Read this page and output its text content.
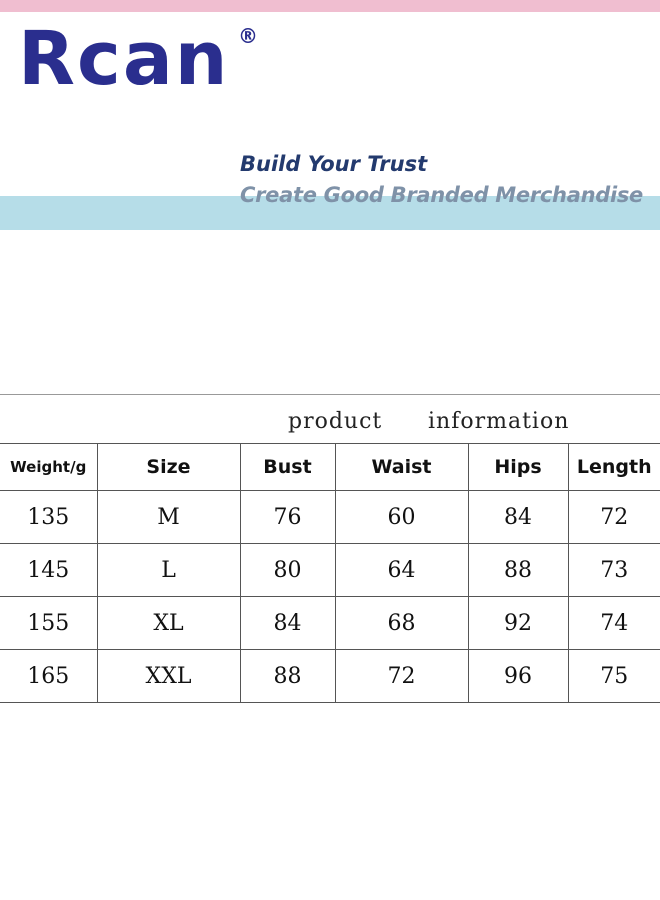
Rcan ®
Build Your Trust
Create Good Branded Merchandise
product information
Weight/g	Size	Bust	Waist	Hips	Length
135	M	76	60	84	72
145	L	80	64	88	73
155	XL	84	68	92	74
165	XXL	88	72	96	75
